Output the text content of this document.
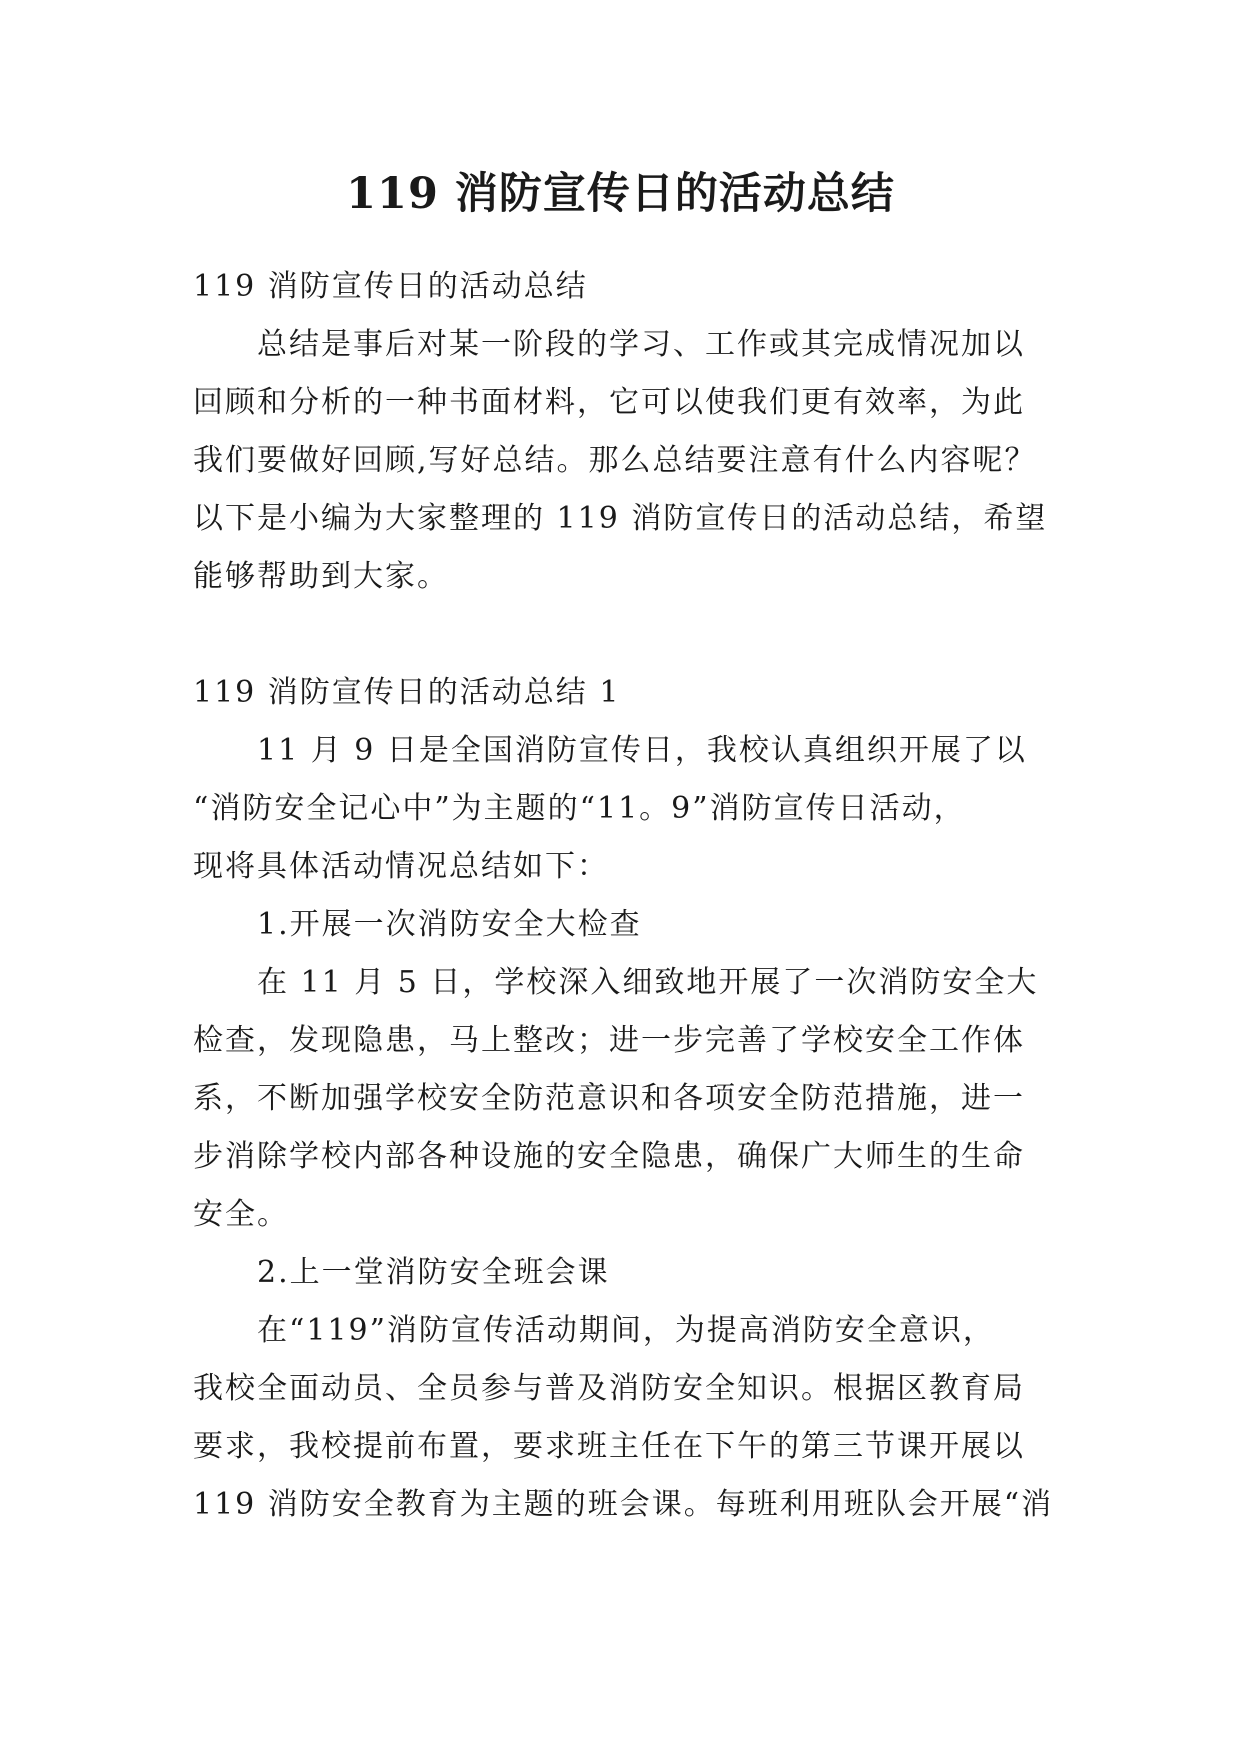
119 消防宣传日的活动总结
119 消防宣传日的活动总结
总结是事后对某一阶段的学习、工作或其完成情况加以
回顾和分析的一种书面材料，它可以使我们更有效率，为此
我们要做好回顾,写好总结。那么总结要注意有什么内容呢？
以下是小编为大家整理的 119 消防宣传日的活动总结，希望
能够帮助到大家。
119 消防宣传日的活动总结 1
11 月 9 日是全国消防宣传日，我校认真组织开展了以
“消防安全记心中”为主题的“11。9”消防宣传日活动，
现将具体活动情况总结如下：
1.开展一次消防安全大检查
在 11 月 5 日，学校深入细致地开展了一次消防安全大
检查，发现隐患，马上整改；进一步完善了学校安全工作体
系，不断加强学校安全防范意识和各项安全防范措施，进一
步消除学校内部各种设施的安全隐患，确保广大师生的生命
安全。
2.上一堂消防安全班会课
在“119”消防宣传活动期间，为提高消防安全意识，
我校全面动员、全员参与普及消防安全知识。根据区教育局
要求，我校提前布置，要求班主任在下午的第三节课开展以
119 消防安全教育为主题的班会课。每班利用班队会开展“消
